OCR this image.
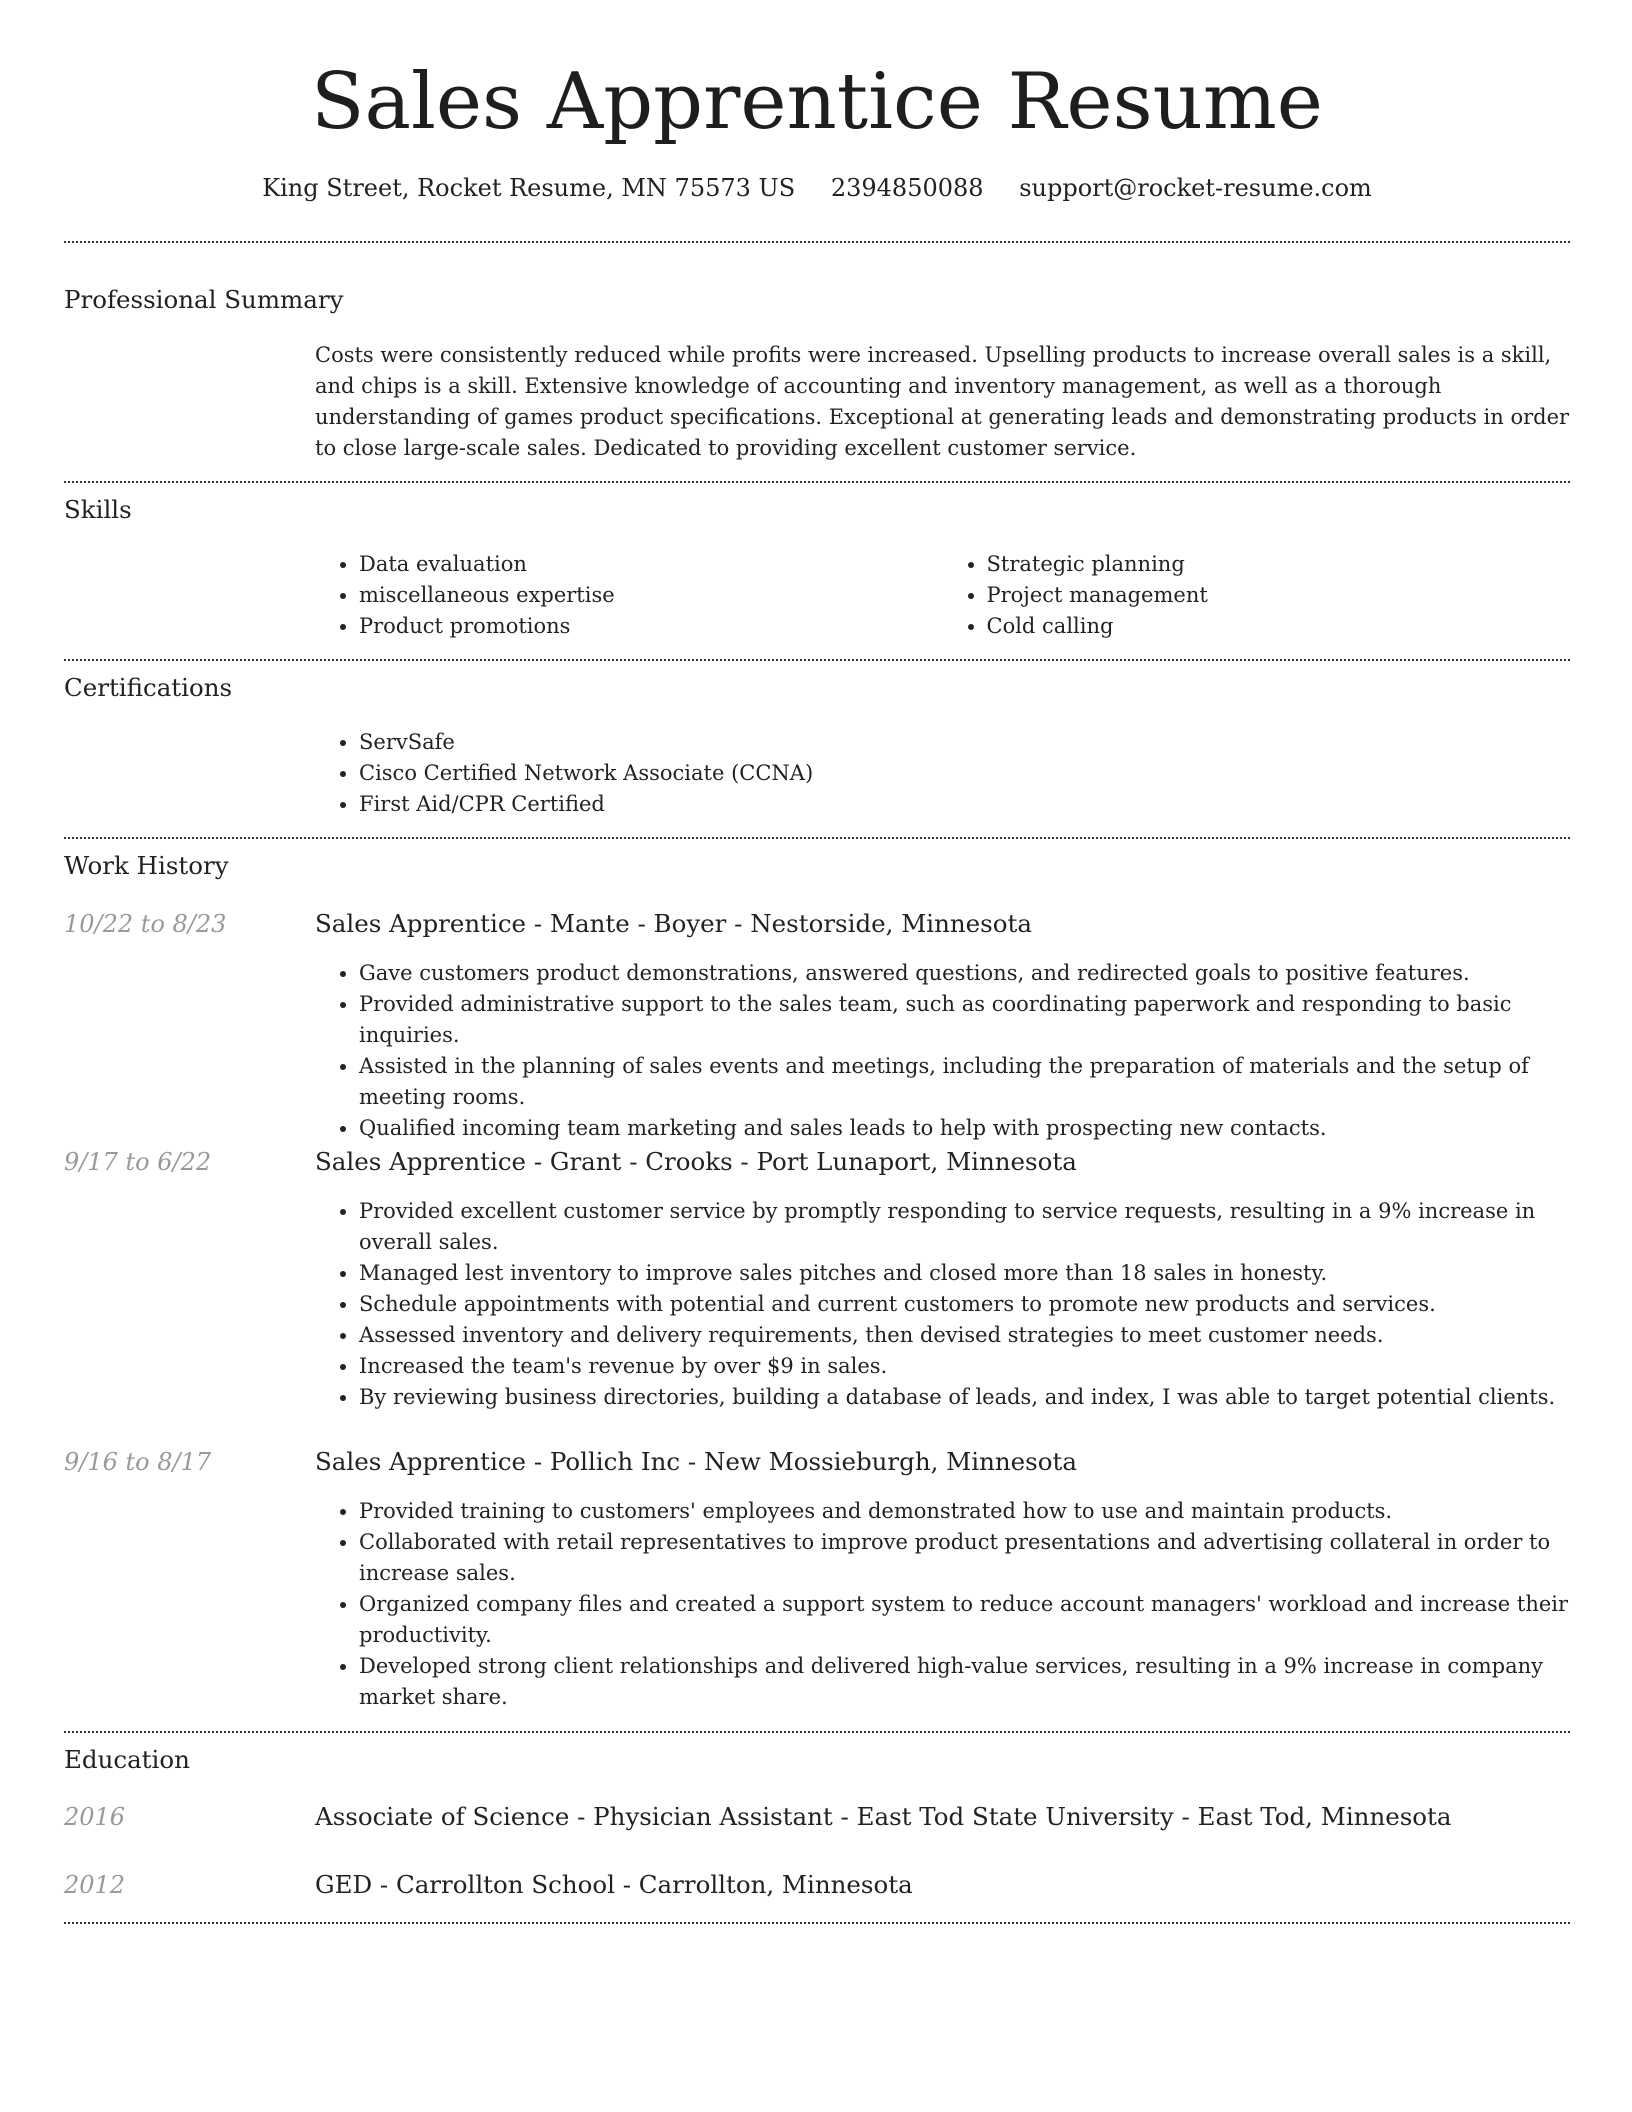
Sales Apprentice Resume
King Street, Rocket Resume, MN 75573 US 2394850088 support@rocket-resume.com
Professional Summary

Costs were consistently reduced while profits were increased. Upselling products to increase overall sales is a skill, and chips is a skill. Extensive knowledge of accounting and inventory management, as well as a thorough understanding of games product specifications. Exceptional at generating leads and demonstrating products in order to close large-scale sales. Dedicated to providing excellent customer service.

Skills
• Data evaluation
• miscellaneous expertise
• Product promotions
• Strategic planning
• Project management
• Cold calling
Certifications
• ServSafe
• Cisco Certified Network Associate (CCNA)
• First Aid/CPR Certified
Work History
10/22 to 8/23	Sales Apprentice - Mante - Boyer - Nestorside, Minnesota
• Gave customers product demonstrations, answered questions, and redirected goals to positive features.
• Provided administrative support to the sales team, such as coordinating paperwork and responding to basic inquiries.
• Assisted in the planning of sales events and meetings, including the preparation of materials and the setup of meeting rooms.
• Qualified incoming team marketing and sales leads to help with prospecting new contacts.
9/17 to 6/22	Sales Apprentice - Grant - Crooks - Port Lunaport, Minnesota
• Provided excellent customer service by promptly responding to service requests, resulting in a 9% increase in overall sales.
• Managed lest inventory to improve sales pitches and closed more than 18 sales in honesty.
• Schedule appointments with potential and current customers to promote new products and services.
• Assessed inventory and delivery requirements, then devised strategies to meet customer needs.
• Increased the team's revenue by over $9 in sales.
• By reviewing business directories, building a database of leads, and index, I was able to target potential clients.
9/16 to 8/17	Sales Apprentice - Pollich Inc - New Mossieburgh, Minnesota
• Provided training to customers' employees and demonstrated how to use and maintain products.
• Collaborated with retail representatives to improve product presentations and advertising collateral in order to increase sales.
• Organized company files and created a support system to reduce account managers' workload and increase their productivity.
• Developed strong client relationships and delivered high-value services, resulting in a 9% increase in company market share.
Education
2016	Associate of Science - Physician Assistant - East Tod State University - East Tod, Minnesota
2012	GED - Carrollton School - Carrollton, Minnesota
